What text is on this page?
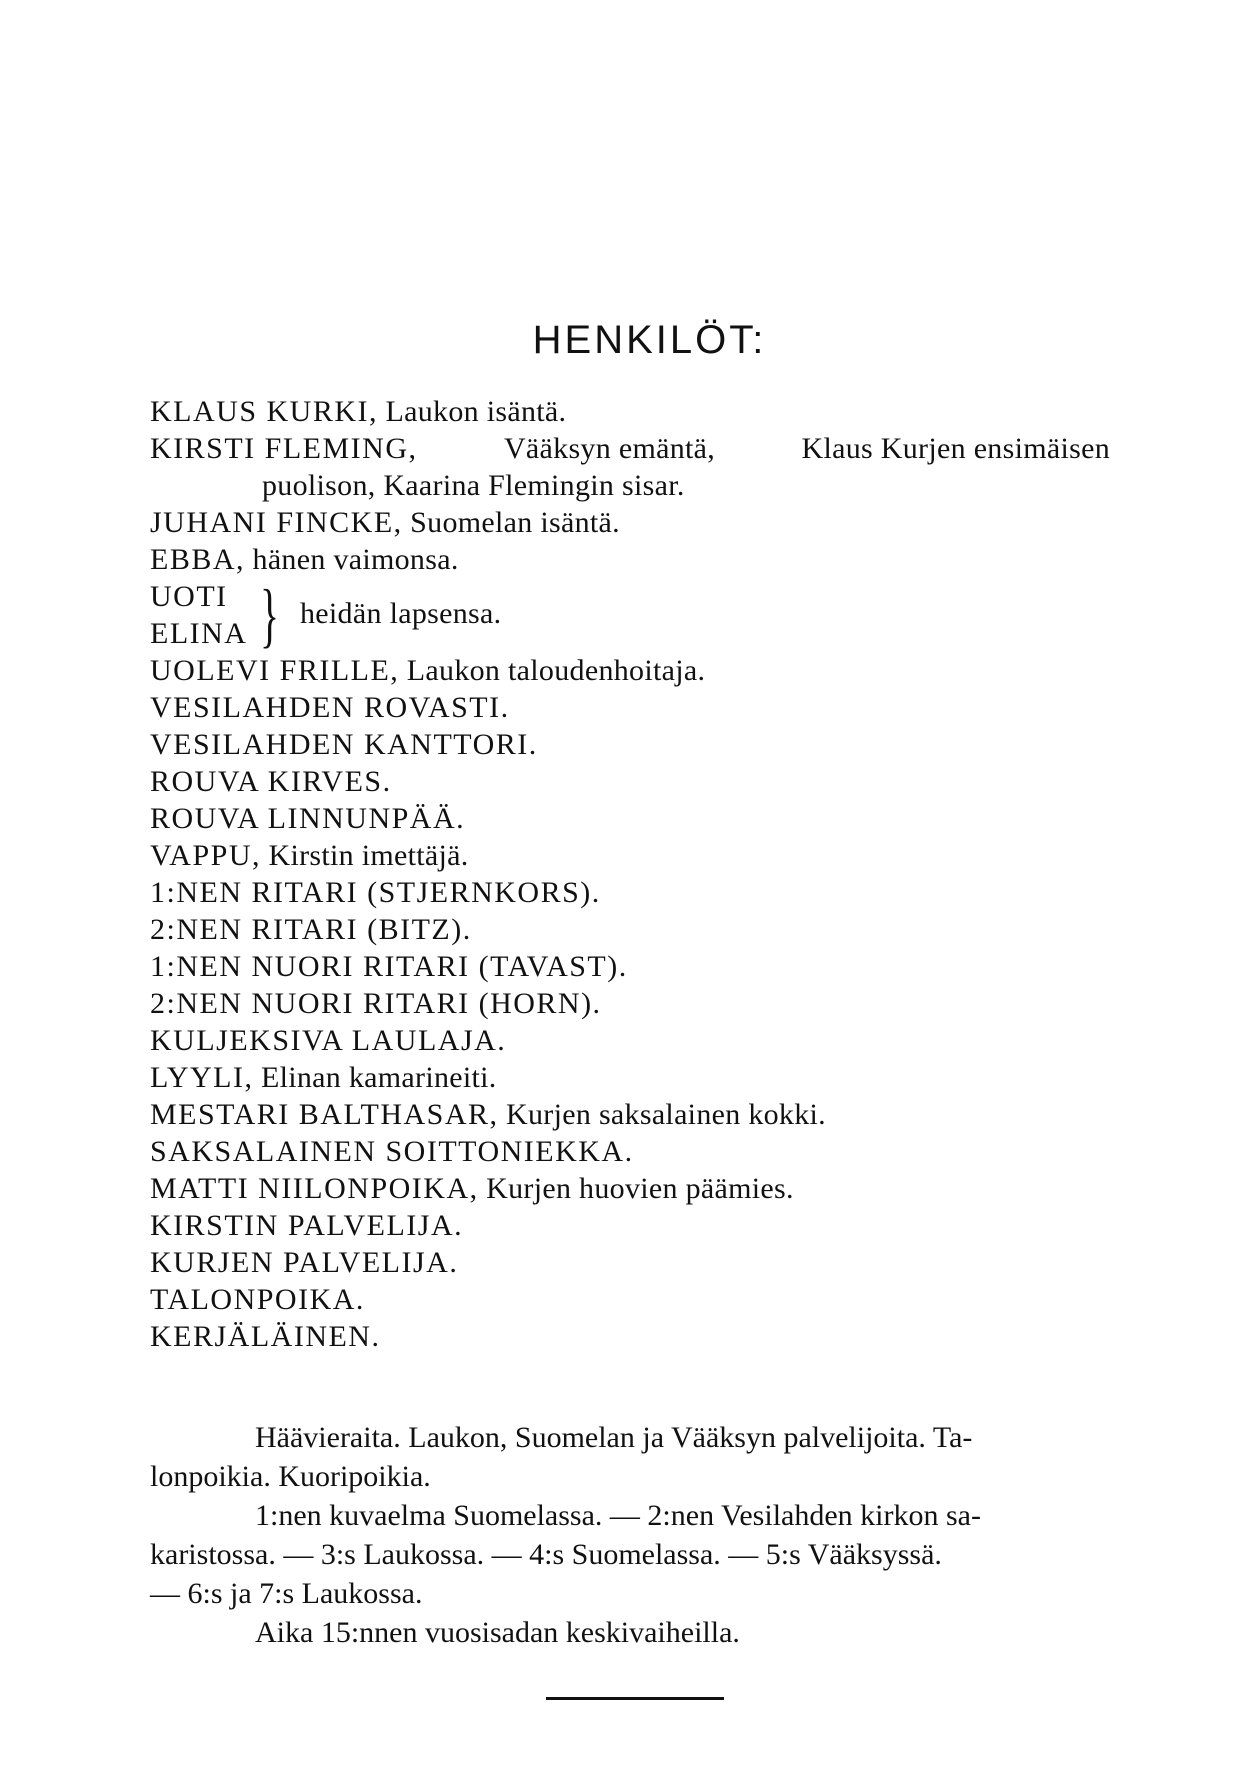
HENKILÖT:
KLAUS KURKI, Laukon isäntä.
KIRSTI FLEMING,	Vääksyn emäntä,	Klaus Kurjen ensimäisen
puolison, Kaarina Flemingin sisar.
JUHANI FINCKE, Suomelan isäntä.
EBBA, hänen vaimonsa.
UOTI
ELINA } heidän lapsensa.
UOLEVI FRILLE, Laukon taloudenhoitaja.
VESILAHDEN ROVASTI.
VESILAHDEN KANTTORI.
ROUVA KIRVES.
ROUVA LINNUNPÄÄ.
VAPPU, Kirstin imettäjä.
1:NEN RITARI (STJERNKORS).
2:NEN RITARI (BITZ).
1:NEN NUORI RITARI (TAVAST).
2:NEN NUORI RITARI (HORN).
KULJEKSIVA LAULAJA.
LYYLI, Elinan kamarineiti.
MESTARI BALTHASAR, Kurjen saksalainen kokki.
SAKSALAINEN SOITTONIEKKA.
MATTI NIILONPOIKA, Kurjen huovien päämies.
KIRSTIN PALVELIJA.
KURJEN PALVELIJA.
TALONPOIKA.
KERJÄLÄINEN.
Häävieraita. Laukon, Suomelan ja Vääksyn palvelijoita. Ta-
lonpoikia. Kuoripoikia.
1:nen kuvaelma Suomelassa. — 2:nen Vesilahden kirkon sa-
karistossa. — 3:s Laukossa. — 4:s Suomelassa. — 5:s Vääksyssä.
— 6:s ja 7:s Laukossa.
Aika 15:nnen vuosisadan keskivaiheilla.
